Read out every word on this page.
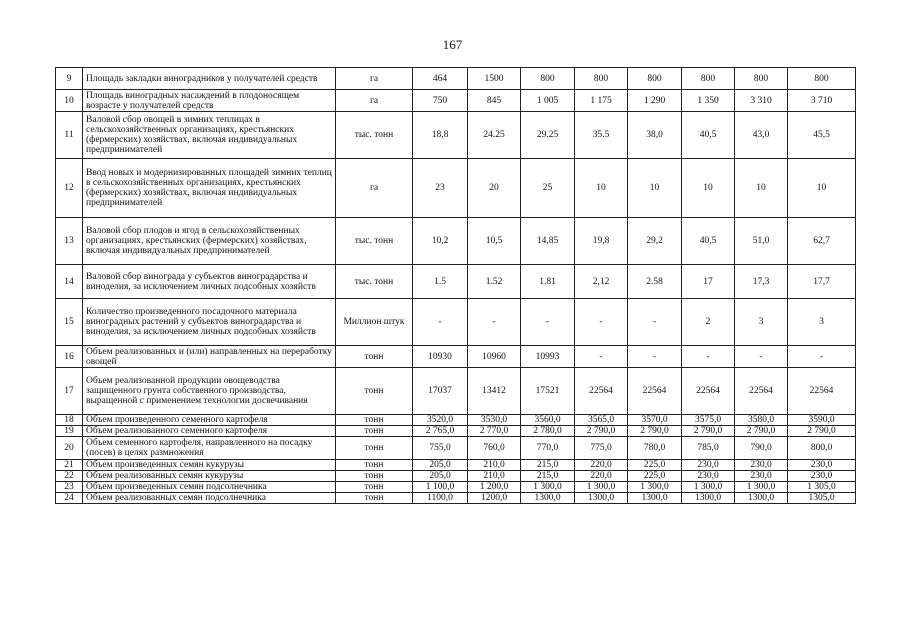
167
9	Площадь закладки виноградников у получателей средств	га	464	1500	800	800	800	800	800	800
10	Площадь виноградных насаждений в плодоносящем возрасте у получателей средств	га	750	845	1 005	1 175	1 290	1 350	3 310	3 710
11	Валовой сбор овощей в зимних теплицах в сельскохозяйственных организациях, крестьянских (фермерских) хозяйствах, включая индивидуальных предпринимателей	тыс. тонн	18,8	24.25	29.25	35.5	38,0	40,5	43,0	45,5
12	Ввод новых и модернизированных площадей зимних теплиц в сельскохозяйственных организациях, крестьянских (фермерских) хозяйствах, включая индивидуальных предпринимателей	га	23	20	25	10	10	10	10	10
13	Валовой сбор плодов и ягод в сельскохозяйственных организациях, крестьянских (фермерских) хозяйствах, включая индивидуальных предпринимателей	тыс. тонн	10,2	10,5	14,85	19,8	29,2	40,5	51,0	62,7
14	Валовой сбор винограда у субъектов виноградарства и виноделия, за исключением личных подсобных хозяйств	тыс. тонн	1.5	1.52	1.81	2,12	2.58	17	17,3	17,7
15	Количество произведенного посадочного материала виноградных растений у субъектов виноградарства и виноделия, за исключением личных подсобных хозяйств	Миллион штук	-	-	-	-	-	2	3	3
16	Объем реализованных и (или) направленных на переработку овощей	тонн	10930	10960	10993	-	-	-	-	-
17	Объем реализованной продукции овощеводства защищенного грунта собственного производства, выращенной с применением технологии досвечивания	тонн	17037	13412	17521	22564	22564	22564	22564	22564
18	Объем произведенного семенного картофеля	тонн	3520,0	3530,0	3560,0	3565,0	3570,0	3575,0	3580,0	3590,0
19	Объем реализованного семенного картофеля	тонн	2 765,0	2 770,0	2 780,0	2 790,0	2 790,0	2 790,0	2 790,0	2 790,0
20	Объем семенного картофеля, направленного на посадку (посев) в целях размножения	тонн	755,0	760,0	770,0	775,0	780,0	785,0	790,0	800,0
21	Объем произведенных семян кукурузы	тонн	205,0	210,0	215,0	220,0	225,0	230,0	230,0	230,0
22	Объем реализованных семян кукурузы	тонн	205,0	210,0	215,0	220,0	225,0	230,0	230,0	230,0
23	Объем произведенных семян подсолнечника	тонн	1 100,0	1 200,0	1 300,0	1 300,0	1 300,0	1 300,0	1 300,0	1 305,0
24	Объем реализованных семян подсолнечника	тонн	1100,0	1200,0	1300,0	1300,0	1300,0	1300,0	1300,0	1305,0
